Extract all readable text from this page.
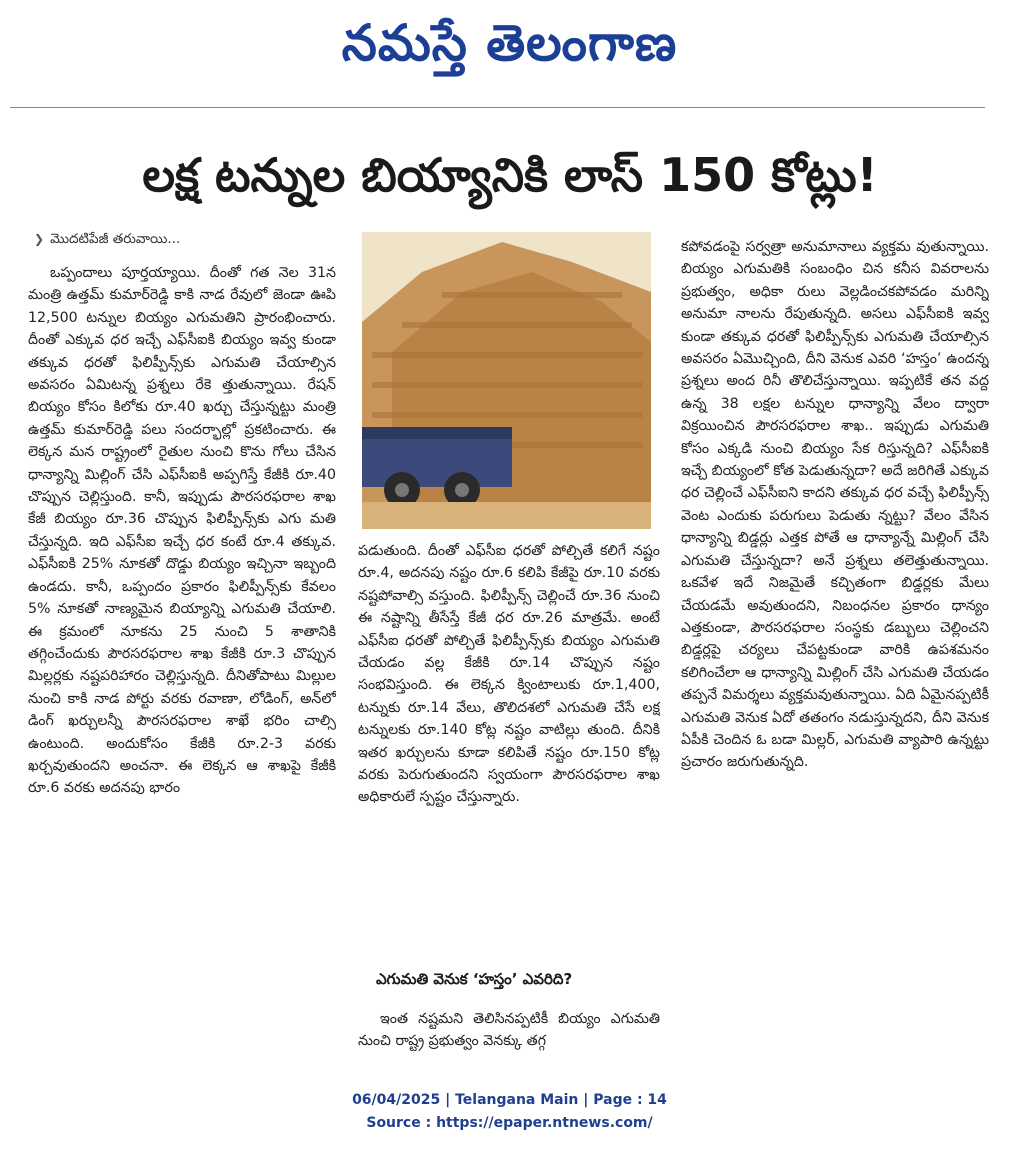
నమస్తే తెలంగాణ
లక్ష టన్నుల బియ్యానికి లాస్ 150 కోట్లు!
❯ మొదటిపేజీ తరువాయి...

ఒప్పందాలు పూర్తయ్యాయి. దీంతో గత నెల 31న మంత్రి ఉత్తమ్ కుమార్‌రెడ్డి కాకి నాడ రేవులో జెండా ఊపి 12,500 టన్నుల బియ్యం ఎగుమతిని ప్రారంభించారు. దీంతో ఎక్కువ ధర ఇచ్చే ఎఫ్‌సీఐకి బియ్యం ఇవ్వ కుండా తక్కువ ధరతో ఫిలిప్పీన్స్‌కు ఎగుమతి చేయాల్సిన అవసరం ఏమిటన్న ప్రశ్నలు రేకె త్తుతున్నాయి. రేషన్ బియ్యం కోసం కిలోకు రూ.40 ఖర్చు చేస్తున్నట్టు మంత్రి ఉత్తమ్ కుమార్‌రెడ్డి పలు సందర్భాల్లో ప్రకటించారు. ఈ లెక్కన మన రాష్ట్రంలో రైతుల నుంచి కొను గోలు చేసిన ధాన్యాన్ని మిల్లింగ్ చేసి ఎఫ్‌సీఐకి అప్పగిస్తే కేజీకి రూ.40 చొప్పున చెల్లిస్తుంది. కానీ, ఇప్పుడు పౌరసరఫరాల శాఖ కేజీ బియ్యం రూ.36 చొప్పున ఫిలిప్పీన్స్‌కు ఎగు మతి చేస్తున్నది. ఇది ఎఫ్‌సీఐ ఇచ్చే ధర కంటే రూ.4 తక్కువ. ఎఫ్‌సీఐకి 25% నూకతో దొడ్డు బియ్యం ఇచ్చినా ఇబ్బంది ఉండదు. కానీ, ఒప్పందం ప్రకారం ఫిలిప్పీన్స్‌కు కేవలం 5% నూకతో నాణ్యమైన బియ్యాన్ని ఎగుమతి చేయాలి. ఈ క్రమంలో నూకను 25 నుంచి 5 శాతానికి తగ్గించేందుకు పౌరసరఫరాల శాఖ కేజీకి రూ.3 చొప్పున మిల్లర్లకు నష్టపరిహారం చెల్లిస్తున్నది. దీనితోపాటు మిల్లుల నుంచి కాకి నాడ పోర్టు వరకు రవాణా, లోడింగ్, అన్‌లో డింగ్ ఖర్చులన్నీ పౌరసరఫరాల శాఖే భరిం చాల్సి ఉంటుంది. అందుకోసం కేజీకి రూ.2-3 వరకు ఖర్చవుతుందని అంచనా. ఈ లెక్కన ఆ శాఖపై కేజీకి రూ.6 వరకు అదనపు భారం

పడుతుంది. దీంతో ఎఫ్‌సీఐ ధరతో పోల్చితే కలిగే నష్టం రూ.4, అదనపు నష్టం రూ.6 కలిపి కేజీపై రూ.10 వరకు నష్టపోవాల్సి వస్తుంది. ఫిలిప్పీన్స్ చెల్లించే రూ.36 నుంచి ఈ నష్టాన్ని తీసేస్తే కేజీ ధర రూ.26 మాత్రమే. అంటే ఎఫ్‌సీఐ ధరతో పోల్చితే ఫిలిప్పీన్స్‌కు బియ్యం ఎగుమతి చేయడం వల్ల కేజీకి రూ.14 చొప్పున నష్టం సంభవిస్తుంది. ఈ లెక్కన క్వింటాలుకు రూ.1,400, టన్నుకు రూ.14 వేలు, తొలిదశలో ఎగుమతి చేసే లక్ష టన్నులకు రూ.140 కోట్ల నష్టం వాటిల్లు తుంది. దీనికి ఇతర ఖర్చులను కూడా కలిపితే నష్టం రూ.150 కోట్ల వరకు పెరుగుతుందని స్వయంగా పౌరసరఫరాల శాఖ అధికారులే స్పష్టం చేస్తున్నారు.

ఎగుమతి వెనుక ‘హస్తం’ ఎవరిది?

ఇంత నష్టమని తెలిసినప్పటికీ బియ్యం ఎగుమతి నుంచి రాష్ట్ర ప్రభుత్వం వెనక్కు తగ్గ

కపోవడంపై సర్వత్రా అనుమానాలు వ్యక్తమ వుతున్నాయి. బియ్యం ఎగుమతికి సంబంధిం చిన కనీస వివరాలను ప్రభుత్వం, అధికా రులు వెల్లడించకపోవడం మరిన్ని అనుమా నాలను రేపుతున్నది. అసలు ఎఫ్‌సీఐకి ఇవ్వ కుండా తక్కువ ధరతో ఫిలిప్పీన్స్‌కు ఎగుమతి చేయాల్సిన అవసరం ఏమొచ్చింది, దీని వెనుక ఎవరి ‘హస్తం’ ఉందన్న ప్రశ్నలు అంద రినీ తొలిచేస్తున్నాయి. ఇప్పటికే తన వద్ద ఉన్న 38 లక్షల టన్నుల ధాన్యాన్ని వేలం ద్వారా విక్రయించిన పౌరసరఫరాల శాఖ.. ఇప్పుడు ఎగుమతి కోసం ఎక్కడి నుంచి బియ్యం సేక రిస్తున్నది? ఎఫ్‌సీఐకి ఇచ్చే బియ్యంలో కోత పెడుతున్నదా? అదే జరిగితే ఎక్కువ ధర చెల్లించే ఎఫ్‌సీఐని కాదని తక్కువ ధర వచ్చే ఫిలిప్పీన్స్ వెంట ఎందుకు పరుగులు పెడుతు న్నట్టు? వేలం వేసిన ధాన్యాన్ని బిడ్డర్లు ఎత్తక పోతే ఆ ధాన్యాన్నే మిల్లింగ్ చేసి ఎగుమతి చేస్తున్నదా? అనే ప్రశ్నలు తలెత్తుతున్నాయి. ఒకవేళ ఇదే నిజమైతే కచ్చితంగా బిడ్డర్లకు మేలు చేయడమే అవుతుందని, నిబంధనల ప్రకారం ధాన్యం ఎత్తకుండా, పౌరసరఫరాల సంస్థకు డబ్బులు చెల్లించని బిడ్డర్లపై చర్యలు చేపట్టకుండా వారికి ఉపశమనం కలిగించేలా ఆ ధాన్యాన్ని మిల్లింగ్ చేసి ఎగుమతి చేయడం తప్పనే విమర్శలు వ్యక్తమవుతున్నాయి. ఏది ఏమైనప్పటికీ ఎగుమతి వెనుక ఏదో తతంగం నడుస్తున్నదని, దీని వెనుక ఏపీకి చెందిన ఓ బడా మిల్లర్, ఎగుమతి వ్యాపారి ఉన్నట్టు ప్రచారం జరుగుతున్నది.

06/04/2025 | Telangana Main | Page : 14
Source : https://epaper.ntnews.com/
